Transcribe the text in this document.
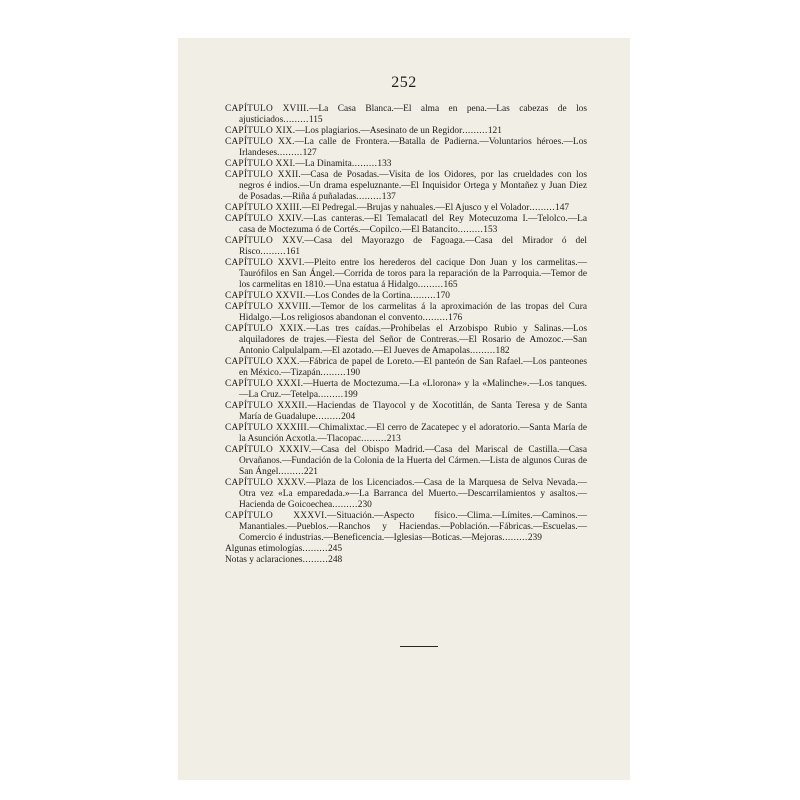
252
CAPÍTULO XVIII.—La Casa Blanca.—El alma en pena.—Las cabezas de los ajusticiados.........115
CAPÍTULO XIX.—Los plagiarios.—Asesinato de un Regidor.........121
CAPÍTULO XX.—La calle de Frontera.—Batalla de Padierna.—Voluntarios héroes.—Los Irlandeses.........127
CAPÍTULO XXI.—La Dinamita.........133
CAPÍTULO XXII.—Casa de Posadas.—Visita de los Oidores, por las crueldades con los negros é indios.—Un drama espeluznante.—El Inquisidor Ortega y Montañez y Juan Diez de Posadas.—Riña á puñaladas.........137
CAPÍTULO XXIII.—El Pedregal.—Brujas y nahuales.—El Ajusco y el Volador.........147
CAPÍTULO XXIV.—Las canteras.—El Temalacatl del Rey Motecuzoma I.—Telolco.—La casa de Moctezuma ó de Cortés.—Copilco.—El Batancito.........153
CAPÍTULO XXV.—Casa del Mayorazgo de Fagoaga.—Casa del Mirador ó del Risco.........161
CAPÍTULO XXVI.—Pleito entre los herederos del cacique Don Juan y los carmelitas.—Taurófilos en San Ángel.—Corrida de toros para la reparación de la Parroquia.—Temor de los carmelitas en 1810.—Una estatua á Hidalgo.........165
CAPÍTULO XXVII.—Los Condes de la Cortina.........170
CAPÍTULO XXVIII.—Temor de los carmelitas á la aproximación de las tropas del Cura Hidalgo.—Los religiosos abandonan el convento.........176
CAPÍTULO XXIX.—Las tres caídas.—Prohíbelas el Arzobispo Rubio y Salinas.—Los alquiladores de trajes.—Fiesta del Señor de Contreras.—El Rosario de Amozoc.—San Antonio Calpulalpam.—El azotado.—El Jueves de Amapolas.........182
CAPÍTULO XXX.—Fábrica de papel de Loreto.—El panteón de San Rafael.—Los panteones en México.—Tizapán.........190
CAPÍTULO XXXI.—Huerta de Moctezuma.—La «Llorona» y la «Malinche».—Los tanques.—La Cruz.—Tetelpa.........199
CAPÍTULO XXXII.—Haciendas de Tlayocol y de Xocotitlán, de Santa Teresa y de Santa María de Guadalupe.........204
CAPÍTULO XXXIII.—Chimalixtac.—El cerro de Zacatepec y el adoratorio.—Santa María de la Asunción Acxotla.—Tlacopac.........213
CAPÍTULO XXXIV.—Casa del Obispo Madrid.—Casa del Mariscal de Castilla.—Casa Orvañanos.—Fundación de la Colonia de la Huerta del Cármen.—Lista de algunos Curas de San Ángel.........221
CAPÍTULO XXXV.—Plaza de los Licenciados.—Casa de la Marquesa de Selva Nevada.—Otra vez «La emparedada.»—La Barranca del Muerto.—Descarrilamientos y asaltos.—Hacienda de Goicoechea.........230
CAPÍTULO XXXVI.—Situación.—Aspecto físico.—Clima.—Límites.—Caminos.—Manantiales.—Pueblos.—Ranchos y Haciendas.—Población.—Fábricas.—Escuelas.—Comercio é industrias.—Beneficencia.—Iglesias—Boticas.—Mejoras.........239
Algunas etimologías.........245
Notas y aclaraciones.........248
